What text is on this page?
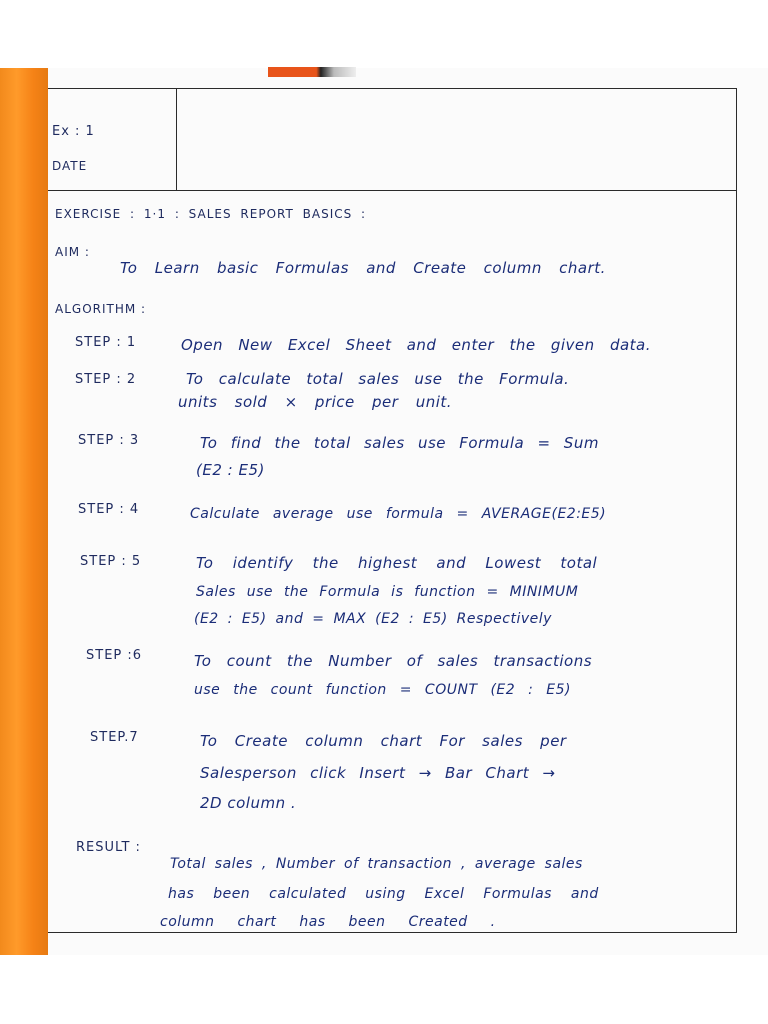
Ex : 1
DATE
EXERCISE : 1·1 : SALES REPORT BASICS :
AIM :
To Learn basic Formulas and Create column chart.
ALGORITHM :
STEP : 1	Open New Excel Sheet and enter the given data.
STEP : 2	To calculate total sales use the Formula.
units sold × price per unit.
STEP : 3	To find the total sales use Formula = Sum
(E2 : E5)
STEP : 4	Calculate average use formula = AVERAGE(E2:E5)
STEP : 5	To identify the highest and Lowest total
Sales use the Formula is function = MINIMUM
(E2 : E5) and = MAX (E2 : E5) Respectively
STEP :6	To count the Number of sales transactions
use the count function = COUNT (E2 : E5)
STEP.7	To Create column chart For sales per
Salesperson click Insert → Bar Chart →
2D column .
RESULT :
Total sales , Number of transaction , average sales
has been calculated using Excel Formulas and
column chart has been Created .
